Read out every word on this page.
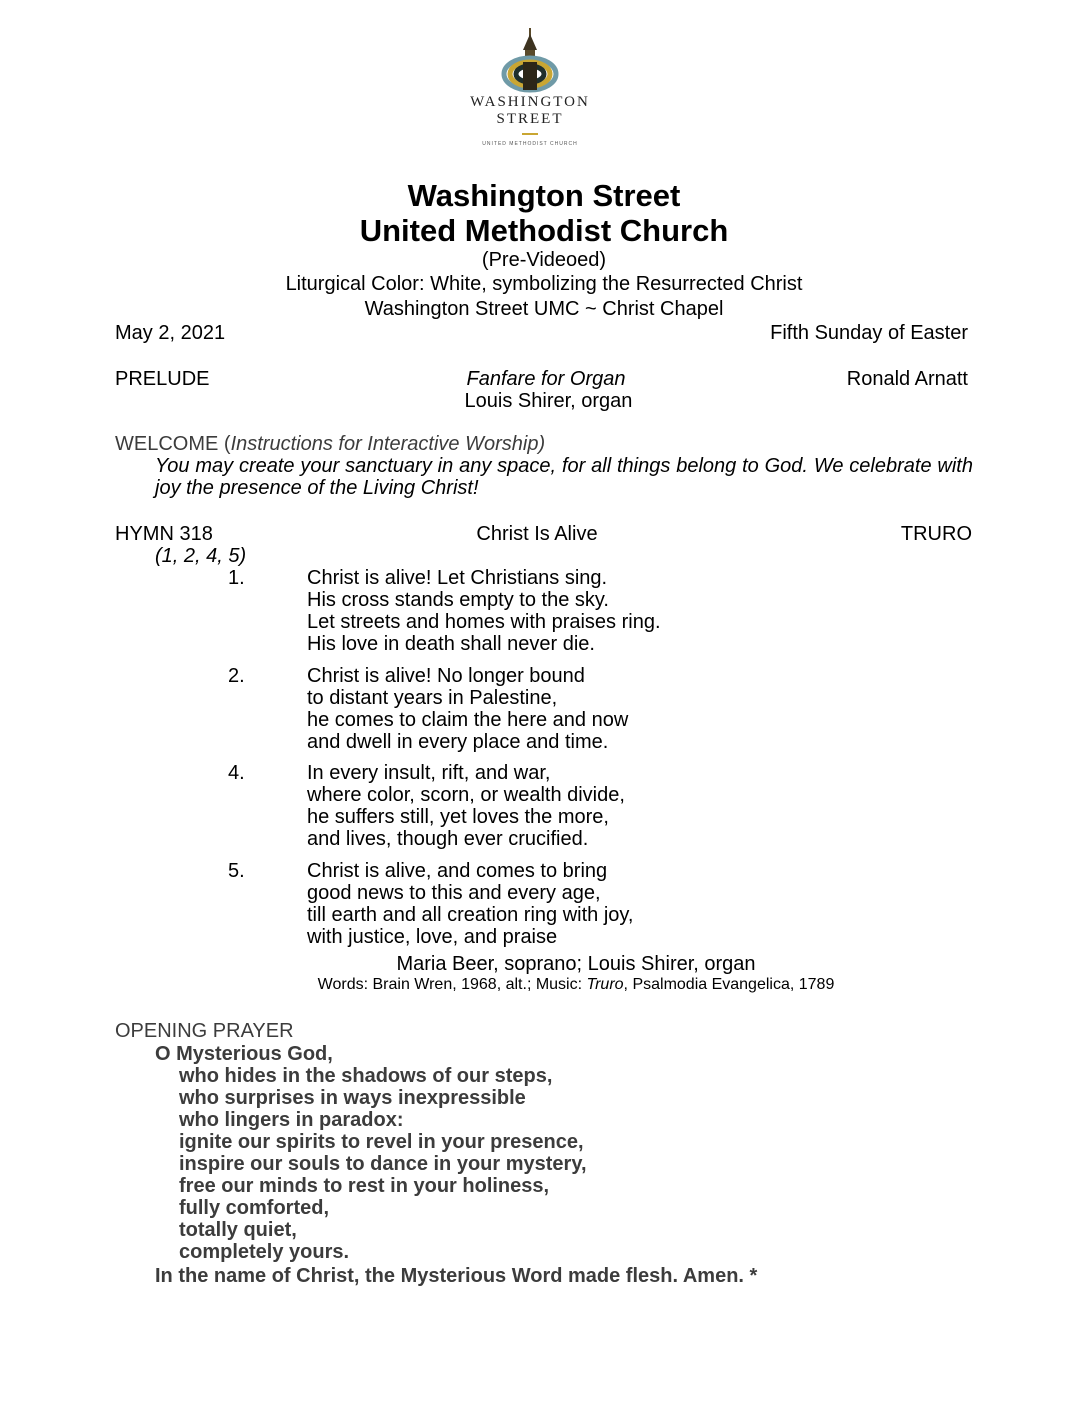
WASHINGTON
STREET
UNITED METHODIST CHURCH
Washington Street
United Methodist Church
(Pre-Videoed)
Liturgical Color: White, symbolizing the Resurrected Christ
Washington Street UMC ~ Christ Chapel
May 2, 2021	Fifth Sunday of Easter
PRELUDE	Fanfare for Organ	Ronald Arnatt
Louis Shirer, organ
WELCOME (Instructions for Interactive Worship)
You may create your sanctuary in any space, for all things belong to God. We celebrate with joy the presence of the Living Christ!
HYMN 318	Christ Is Alive	TRURO
(1, 2, 4, 5)
1.	Christ is alive! Let Christians sing.
His cross stands empty to the sky.
Let streets and homes with praises ring.
His love in death shall never die.
2.	Christ is alive! No longer bound
to distant years in Palestine,
he comes to claim the here and now
and dwell in every place and time.
4.	In every insult, rift, and war,
where color, scorn, or wealth divide,
he suffers still, yet loves the more,
and lives, though ever crucified.
5.	Christ is alive, and comes to bring
good news to this and every age,
till earth and all creation ring with joy,
with justice, love, and praise
Maria Beer, soprano; Louis Shirer, organ
Words: Brain Wren, 1968, alt.; Music: Truro, Psalmodia Evangelica, 1789
OPENING PRAYER
O Mysterious God,
who hides in the shadows of our steps,
who surprises in ways inexpressible
who lingers in paradox:
ignite our spirits to revel in your presence,
inspire our souls to dance in your mystery,
free our minds to rest in your holiness,
fully comforted,
totally quiet,
completely yours.
In the name of Christ, the Mysterious Word made flesh. Amen. *
